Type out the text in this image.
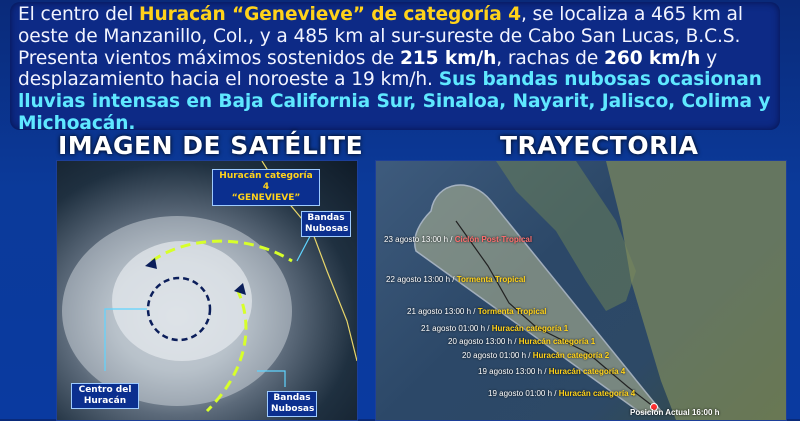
El centro del Huracán “Genevieve” de categoría 4, se localiza a 465 km al oeste de Manzanillo, Col., y a 485 km al sur-sureste de Cabo San Lucas, B.C.S. Presenta vientos máximos sostenidos de 215 km/h, rachas de 260 km/h y desplazamiento hacia el noroeste a 19 km/h. Sus bandas nubosas ocasionan lluvias intensas en Baja California Sur, Sinaloa, Nayarit, Jalisco, Colima y Michoacán.

IMAGEN DE SATÉLITE	TRAYECTORIA
Huracán categoría 4
“GENEVIEVE”
Bandas
Nubosas
Centro del
Huracán	Bandas
Nubosas
23 agosto 13:00 h / Ciclón Post-Tropical
22 agosto 13:00 h / Tormenta Tropical
21 agosto 13:00 h / Tormenta Tropical
21 agosto 01:00 h / Huracán categoría 1
20 agosto 13:00 h / Huracán categoría 1
20 agosto 01:00 h / Huracán categoría 2
19 agosto 13:00 h / Huracán categoría 4
19 agosto 01:00 h / Huracán categoría 4
Posición Actual 16:00 h
